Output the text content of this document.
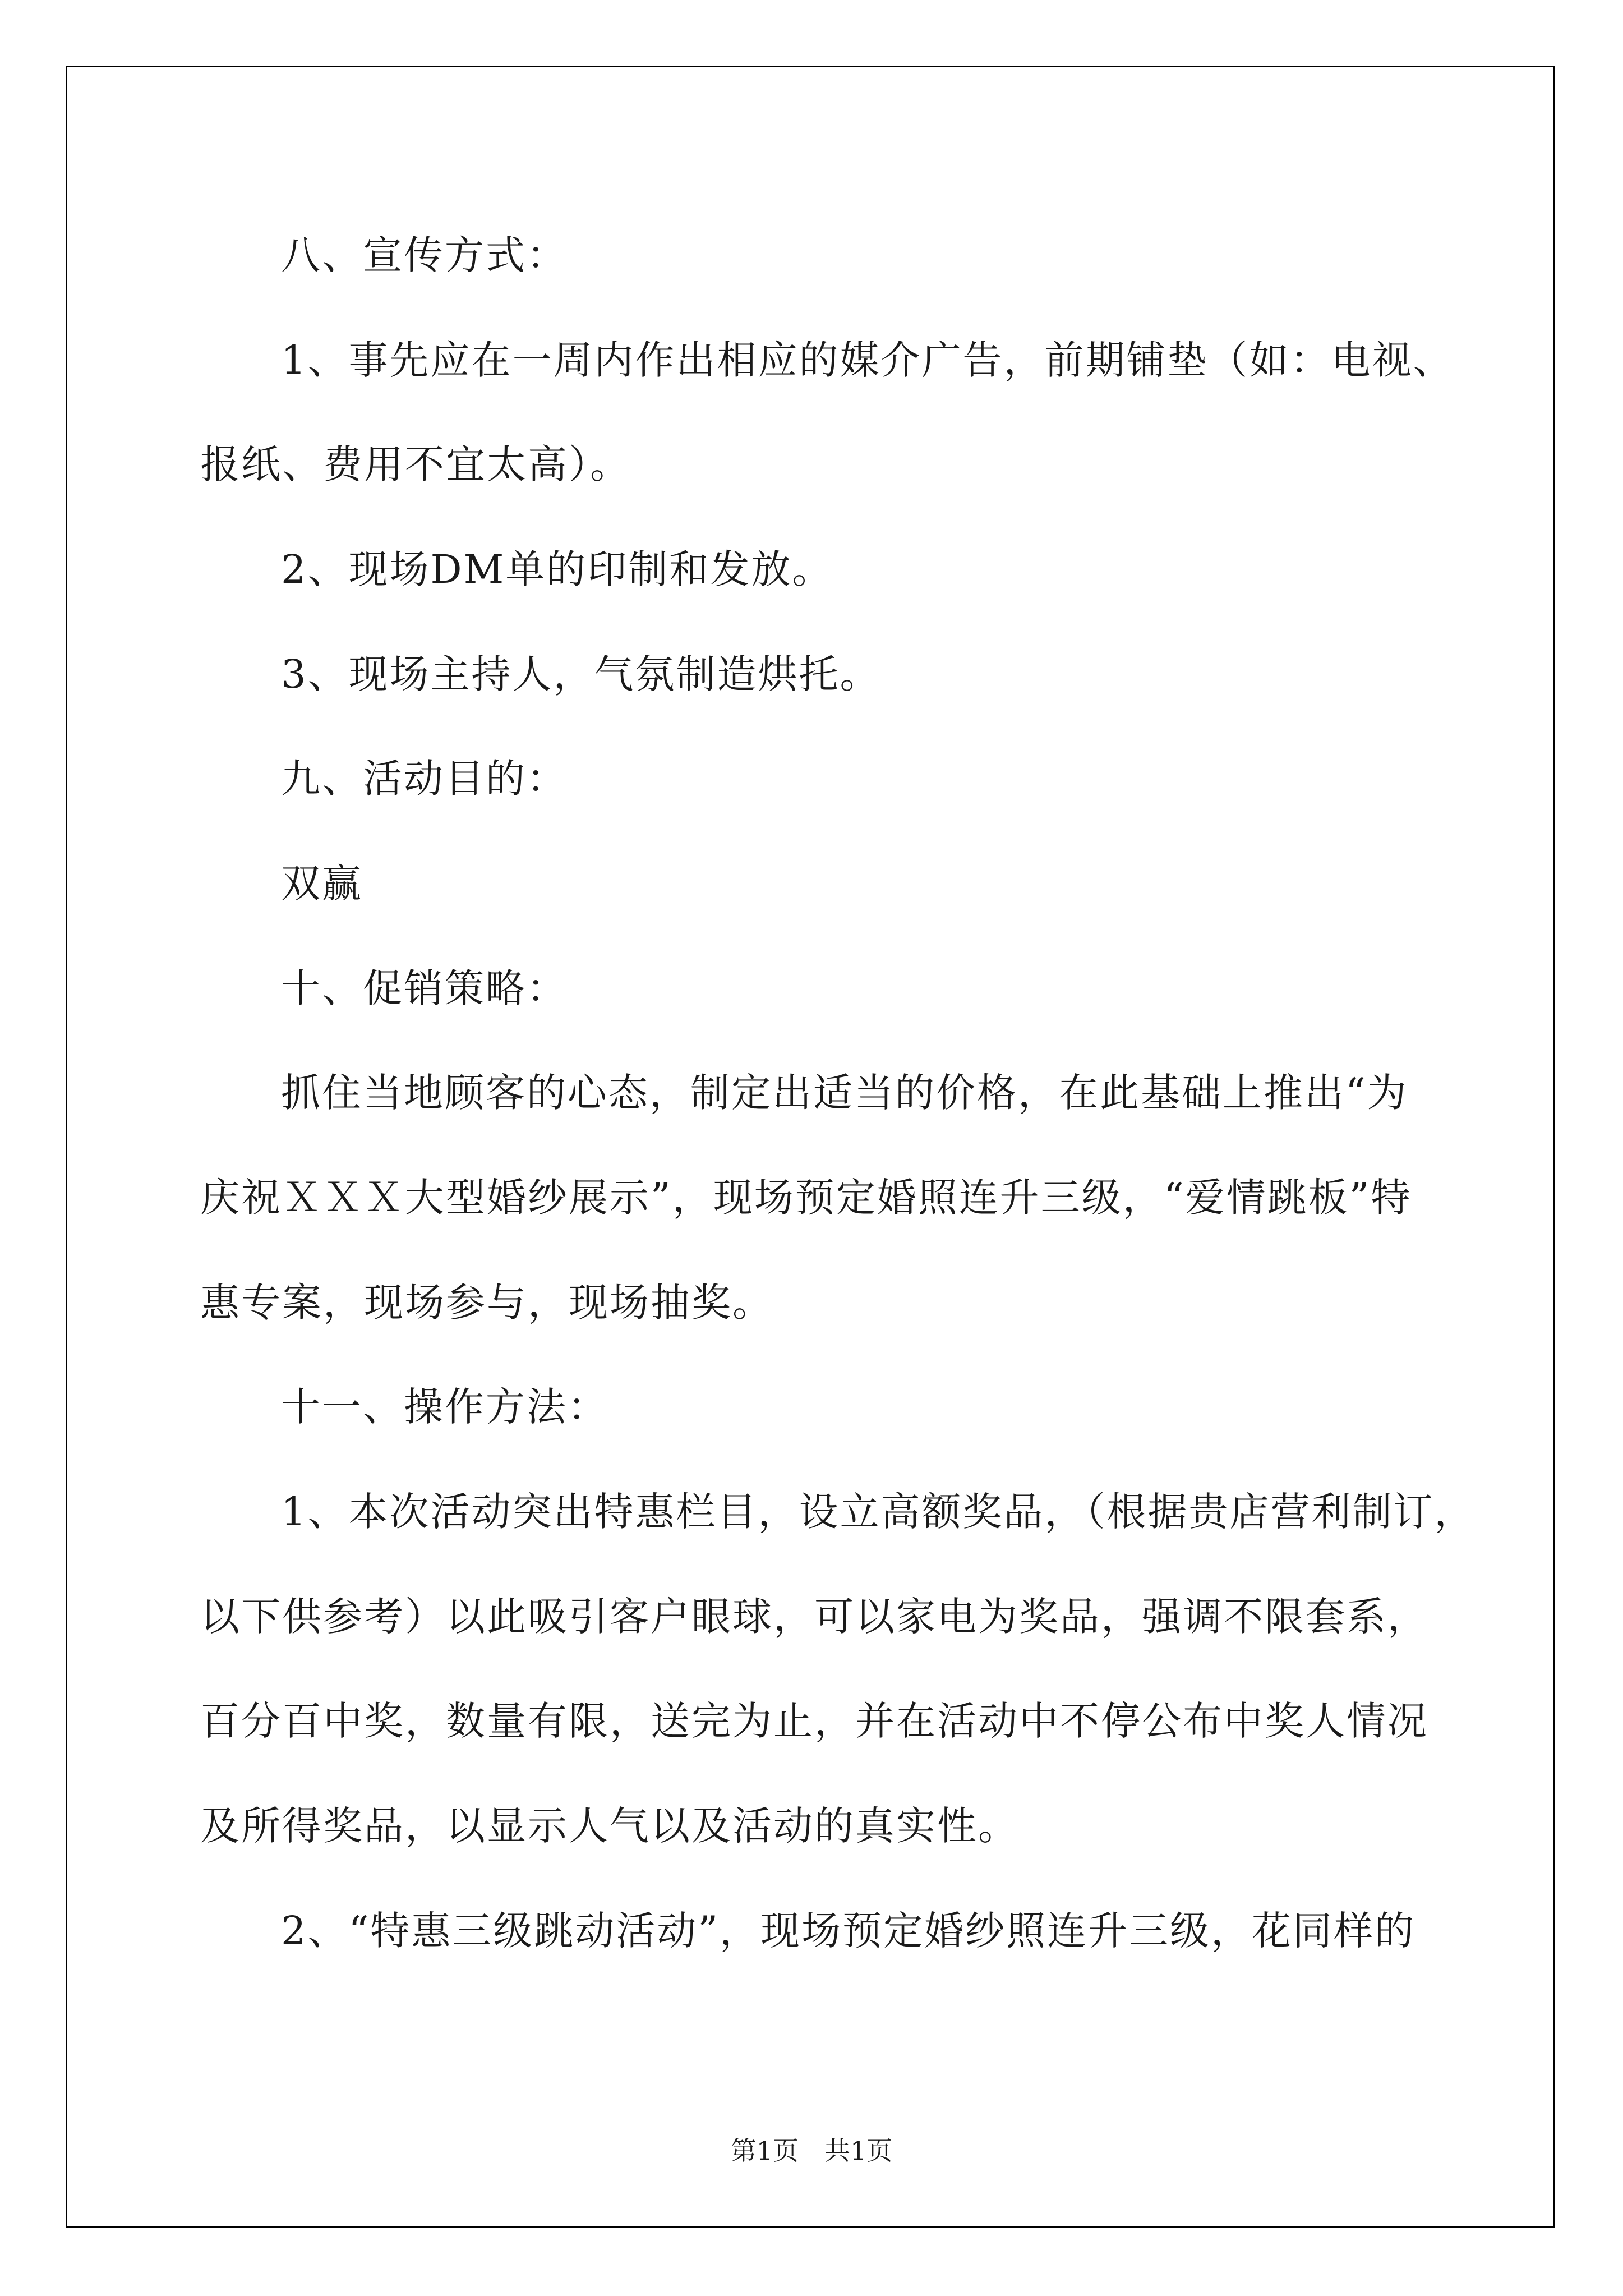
八、宣传方式：
1、事先应在一周内作出相应的媒介广告，前期铺垫（如：电视、
报纸、费用不宜太高）。
2、现场DM单的印制和发放。
3、现场主持人，气氛制造烘托。
九、活动目的：
双赢
十、促销策略：
抓住当地顾客的心态，制定出适当的价格，在此基础上推出“为
庆祝ＸＸＸ大型婚纱展示”，现场预定婚照连升三级，“爱情跳板”特
惠专案，现场参与，现场抽奖。
十一、操作方法：
1、本次活动突出特惠栏目，设立高额奖品，（根据贵店营利制订，
以下供参考）以此吸引客户眼球，可以家电为奖品，强调不限套系，
百分百中奖，数量有限，送完为止，并在活动中不停公布中奖人情况
及所得奖品，以显示人气以及活动的真实性。
2、“特惠三级跳动活动”，现场预定婚纱照连升三级，花同样的
第1页　共1页
